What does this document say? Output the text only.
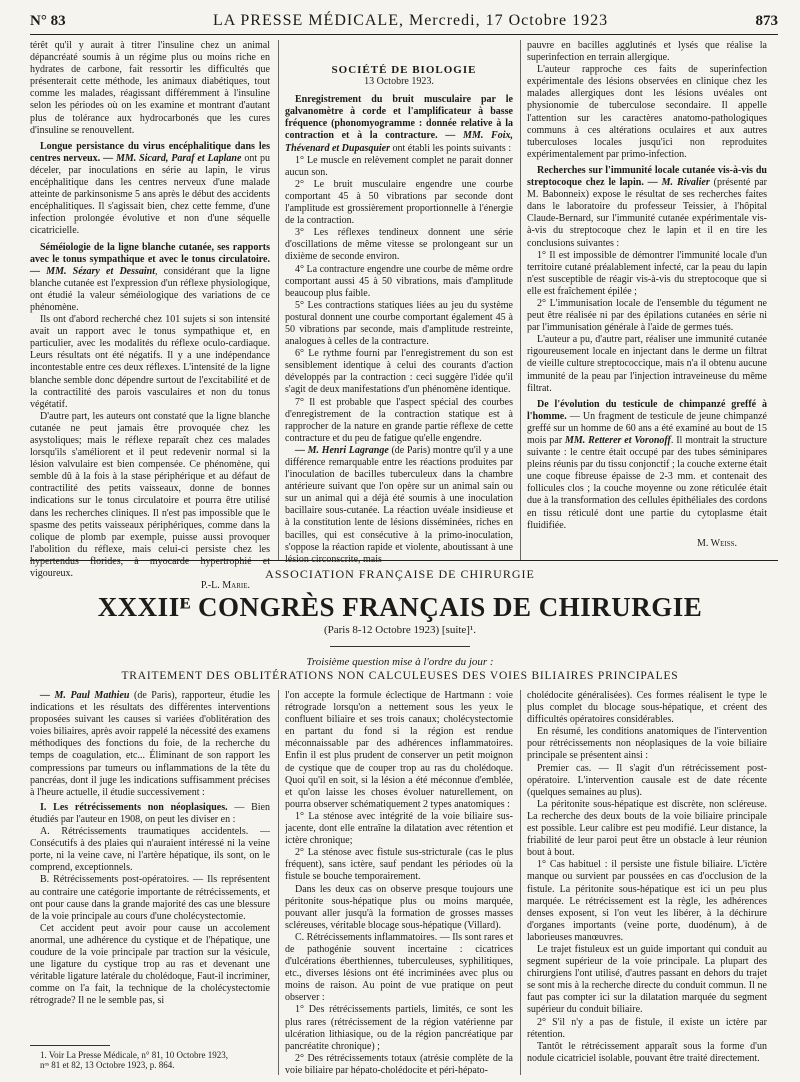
N° 83	LA PRESSE MÉDICALE, Mercredi, 17 Octobre 1923	873

térêt qu'il y aurait à titrer l'insuline chez un animal dépancréaté soumis à un régime plus ou moins riche en hydrates de carbone, fait ressortir les difficultés que présenterait cette méthode, les animaux diabétiques, tout comme les malades, réagissant différemment à l'insuline selon les périodes où on les examine et montrant d'autant plus de tolérance aux hydrocarbonés que les cures d'insuline se renouvellent.

Longue persistance du virus encéphalitique dans les centres nerveux. — MM. Sicard, Paraf et Laplane ont pu déceler, par inoculations en série au lapin, le virus encéphalitique dans les centres nerveux d'une malade atteinte de parkinsonisme 5 ans après le début des accidents encéphalitiques. Il s'agissait bien, chez cette femme, d'une infection prolongée évolutive et non d'une séquelle cicatricielle.

Séméiologie de la ligne blanche cutanée, ses rapports avec le tonus sympathique et avec le tonus circulatoire. — MM. Sézary et Dessaint, considérant que la ligne blanche cutanée est l'expression d'un réflexe physiologique, ont étudié la valeur séméiologique des variations de ce phénomène.

Ils ont d'abord recherché chez 101 sujets si son intensité avait un rapport avec le tonus sympathique et, en particulier, avec les modalités du réflexe oculo-cardiaque. Leurs résultats ont été négatifs. Il y a une indépendance incontestable entre ces deux réflexes. L'intensité de la ligne blanche semble donc dépendre surtout de l'excitabilité et de la contractilité des parois vasculaires et non du tonus végétatif.

D'autre part, les auteurs ont constaté que la ligne blanche cutanée ne peut jamais être provoquée chez les asystoliques; mais le réflexe reparaît chez ces malades lorsqu'ils s'améliorent et il peut redevenir normal si la lésion valvulaire est bien compensée. Ce phénomène, qui semble dû à la fois à la stase périphérique et au défaut de contractilité des petits vaisseaux, donne de bonnes indications sur le tonus circulatoire et pourra être utilisé dans les recherches cliniques. Il n'est pas impossible que le spasme des petits vaisseaux périphériques, comme dans la colique de plomb par exemple, puisse aussi provoquer l'abolition du réflexe, mais celui-ci persiste chez les hypertendus florides, à myocarde hypertrophié et vigoureux.

P.-L. Marie.

SOCIÉTÉ DE BIOLOGIE

13 Octobre 1923.

Enregistrement du bruit musculaire par le galvanomètre à corde et l'amplificateur à basse fréquence (phonomyogramme : donnée relative à la contraction et à la contracture. — MM. Foix, Thévenard et Dupasquier ont établi les points suivants :

1° Le muscle en relèvement complet ne parait donner aucun son.

2° Le bruit musculaire engendre une courbe comportant 45 à 50 vibrations par seconde dont l'amplitude est grossièrement proportionnelle à l'énergie de la contraction.

3° Les réflexes tendineux donnent une série d'oscillations de même vitesse se prolongeant sur un dixième de seconde environ.

4° La contracture engendre une courbe de même ordre comportant aussi 45 à 50 vibrations, mais d'amplitude beaucoup plus faible.

5° Les contractions statiques liées au jeu du système postural donnent une courbe comportant également 45 à 50 vibrations par seconde, mais d'amplitude restreinte, analogues à celles de la contracture.

6° Le rythme fourni par l'enregistrement du son est sensiblement identique à celui des courants d'action développés par la contraction : ceci suggère l'idée qu'il s'agit de deux manifestations d'un phénomène identique.

7° Il est probable que l'aspect spécial des courbes d'enregistrement de la contraction statique est à rapprocher de la nature en grande partie réflexe de cette contracture et du peu de fatigue qu'elle engendre.

— M. Henri Lagrange (de Paris) montre qu'il y a une différence remarquable entre les réactions produites par l'inoculation de bacilles tuberculeux dans la chambre antérieure suivant que l'on opère sur un animal sain ou sur un animal qui a déjà été soumis à une inoculation bacillaire sous-cutanée. La réaction uvéale insidieuse et à la constitution lente de lésions disséminées, riches en bacilles, qui est consécutive à la primo-inoculation, s'oppose la réaction rapide et violente, aboutissant à une lésion circonscrite, mais

pauvre en bacilles agglutinés et lysés que réalise la superinfection en terrain allergique.

L'auteur rapproche ces faits de superinfection expérimentale des lésions observées en clinique chez les malades allergiques dont les lésions uvéales ont physionomie de tuberculose secondaire. Il appelle l'attention sur les caractères anatomo-pathologiques communs à ces altérations oculaires et aux autres tuberculoses locales jusqu'ici non reproduites expérimentalement par primo-infection.

Recherches sur l'immunité locale cutanée vis-à-vis du streptocoque chez le lapin. — M. Rivalier (présenté par M. Babonneix) expose le résultat de ses recherches faites dans le laboratoire du professeur Teissier, à l'hôpital Claude-Bernard, sur l'immunité cutanée expérimentale vis-à-vis du streptocoque chez le lapin et il en tire les conclusions suivantes :

1° Il est impossible de démontrer l'immunité locale d'un territoire cutané préalablement infecté, car la peau du lapin n'est susceptible de réagir vis-à-vis du streptocoque que si elle est fraîchement épilée ;

2° L'immunisation locale de l'ensemble du tégument ne peut être réalisée ni par des épilations cutanées en série ni par l'immunisation générale à l'aide de germes tués.

L'auteur a pu, d'autre part, réaliser une immunité cutanée rigoureusement locale en injectant dans le derme un filtrat de vieille culture streptococcique, mais n'a il obtenu aucune immunité de la peau par l'injection intraveineuse du même filtrat.

De l'évolution du testicule de chimpanzé greffé à l'homme. — Un fragment de testicule de jeune chimpanzé greffé sur un homme de 60 ans a été examiné au bout de 15 mois par MM. Retterer et Voronoff. Il montrait la structure suivante : le centre était occupé par des tubes séminipares pleins réunis par du tissu conjonctif ; la couche externe était une coque fibreuse épaisse de 2-3 mm. et contenait des follicules clos ; la couche moyenne ou zone réticulée était due à la transformation des cellules épithéliales des cordons en tissu réticulé dont une partie du cytoplasme était fluidifiée.

M. Weiss.

ASSOCIATION FRANÇAISE DE CHIRURGIE
XXXIIᴱ CONGRÈS FRANÇAIS DE CHIRURGIE
(Paris 8-12 Octobre 1923) [suite]¹.
Troisième question mise à l'ordre du jour :
TRAITEMENT DES OBLITÉRATIONS NON CALCULEUSES DES VOIES BILIAIRES PRINCIPALES

— M. Paul Mathieu (de Paris), rapporteur, étudie les indications et les résultats des différentes interventions proposées suivant les causes si variées d'oblitération des voies biliaires, après avoir rappelé la nécessité des examens méthodiques des fonctions du foie, de la recherche du temps de coagulation, etc... Éliminant de son rapport les compressions par tumeurs ou inflammations de la tête du pancréas, dont il juge les indications suffisamment précises à l'heure actuelle, il étudie successivement :

I. Les rétrécissements non néoplasiques. — Bien étudiés par l'auteur en 1908, on peut les diviser en :

A. Rétrécissements traumatiques accidentels. — Consécutifs à des plaies qui n'auraient intéressé ni la veine porte, ni la veine cave, ni l'artère hépatique, ils sont, on le comprend, exceptionnels.

B. Rétrécissements post-opératoires. — Ils représentent au contraire une catégorie importante de rétrécissements, et ont pour cause dans la grande majorité des cas une blessure de la voie principale au cours d'une cholécystectomie.

Cet accident peut avoir pour cause un accolement anormal, une adhérence du cystique et de l'hépatique, une coudure de la voie principale par traction sur la vésicule, une ligature du cystique trop au ras et devenant une véritable ligature latérale du cholédoque, Faut-il incriminer, comme on l'a fait, la technique de la cholécystectomie rétrograde? Il ne le semble pas, si

1. Voir La Presse Médicale, n° 81, 10 Octobre 1923,
nᵒˢ 81 et 82, 13 Octobre 1923, p. 864.

l'on accepte la formule éclectique de Hartmann : voie rétrograde lorsqu'on a nettement sous les yeux le confluent biliaire et ses trois canaux; cholécystectomie en partant du fond si la région est rendue méconnaissable par des adhérences inflammatoires. Enfin il est plus prudent de conserver un petit moignon de cystique que de couper trop au ras du cholédoque. Quoi qu'il en soit, si la lésion a été méconnue d'emblée, et qu'on laisse les choses évoluer naturellement, on pourra observer schématiquement 2 types anatomiques :

1° La sténose avec intégrité de la voie biliaire sus-jacente, dont elle entraîne la dilatation avec rétention et ictère chronique;

2° La sténose avec fistule sus-stricturale (cas le plus fréquent), sans ictère, sauf pendant les périodes où la fistule se bouche temporairement.

Dans les deux cas on observe presque toujours une péritonite sous-hépatique plus ou moins marquée, pouvant aller jusqu'à la formation de grosses masses scléreuses, véritable blocage sous-hépatique (Villard).

C. Rétrécissements inflammatoires. — Ils sont rares et de pathogénie souvent incertaine : cicatrices d'ulcérations éberthiennes, tuberculeuses, syphilitiques, etc., diverses lésions ont été incriminées avec plus ou moins de raison. Au point de vue pratique on peut observer :

1° Des rétrécissements partiels, limités, ce sont les plus rares (rétrécissement de la région vatérienne par ulcération lithiasique, ou de la région pancréatique par pancréatite chronique) ;

2° Des rétrécissements totaux (atrésie complète de la voie biliaire par hépato-cholédocite et péri-hépato-

cholédocite généralisées). Ces formes réalisent le type le plus complet du blocage sous-hépatique, et créent des difficultés opératoires considérables.

En résumé, les conditions anatomiques de l'intervention pour rétrécissements non néoplasiques de la voie biliaire principale se présentent ainsi :

Premier cas. — Il s'agit d'un rétrécissement post-opératoire. L'intervention causale est de date récente (quelques semaines au plus).

La péritonite sous-hépatique est discrète, non scléreuse. La recherche des deux bouts de la voie biliaire principale est possible. Leur calibre est peu modifié. Leur distance, la friabilité de leur paroi peut être un obstacle à leur réunion bout à bout.

1° Cas habituel : il persiste une fistule biliaire. L'ictère manque ou survient par poussées en cas d'occlusion de la fistule. La péritonite sous-hépatique est ici un peu plus marquée. Le rétrécissement est la règle, les adhérences denses exposent, si l'on veut les libérer, à la déchirure d'organes importants (veine porte, duodénum), à de laborieuses manœuvres.

Le trajet fistuleux est un guide important qui conduit au segment supérieur de la voie principale. La plupart des chirurgiens l'ont utilisé, d'autres passant en dehors du trajet se sont mis à la recherche directe du conduit commun. Il ne faut pas compter ici sur la dilatation marquée du segment supérieur du conduit biliaire.

2° S'il n'y a pas de fistule, il existe un ictère par rétention.

Tantôt le rétrécissement apparaît sous la forme d'un nodule cicatriciel isolable, pouvant être traité directement.
